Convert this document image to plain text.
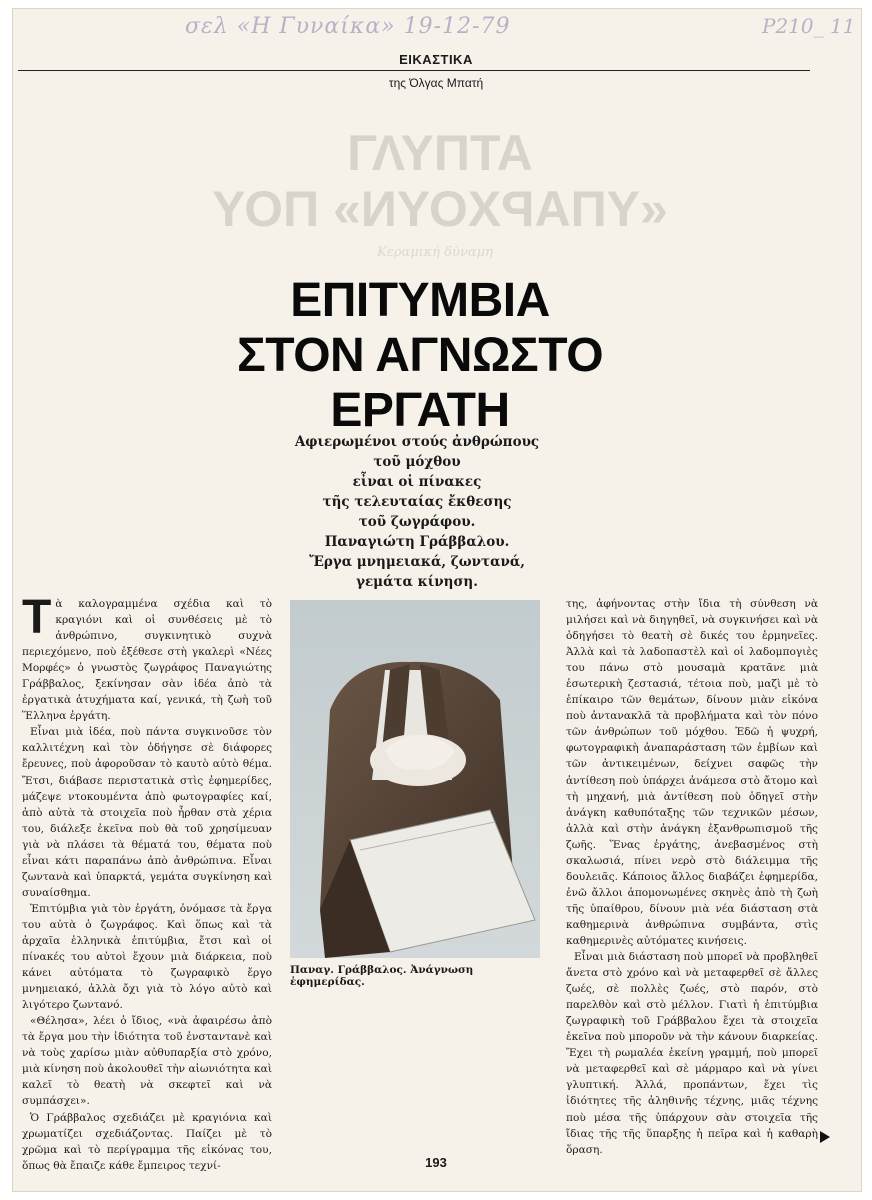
σελ «Η Γυναίκα» 19-12-79	P210_ 11
ΕΙΚΑΣΤΙΚΑ
της Όλγας Μπατή
ΓΛΥΠΤΑ
«ΥΠΑΡΧΟΥΝ» ΠΟΥ
Κεραμική δύναμη
ΕΠΙΤΥΜΒΙΑ
ΣΤΟΝ ΑΓΝΩΣΤΟ
ΕΡΓΑΤΗ
Αφιερωμένοι στούς ἀνθρώπους
τοῦ μόχθου
εἶναι οἱ πίνακες
τῆς τελευταίας ἔκθεσης
τοῦ ζωγράφου.
Παναγιώτη Γράββαλου.
Ἔργα μνημειακά, ζωντανά,
γεμάτα κίνηση.

Τὰ καλογραμμένα σχέδια καὶ τὸ κραγιόνι καὶ οἱ συνθέσεις μὲ τὸ ἀνθρώπινο, συγκινητικὸ συχνὰ περιεχόμενο, ποὺ ἐξέθεσε στὴ γκαλερὶ «Νέες Μορφές» ὁ γνωστὸς ζωγράφος Παναγιώτης Γράββαλος, ξεκίνησαν σὰν ἰδέα ἀπὸ τὰ ἐργατικὰ ἀτυχήματα καί, γενικά, τὴ ζωὴ τοῦ Ἕλληνα ἐργάτη.

Εἶναι μιὰ ἰδέα, ποὺ πάντα συγκινοῦσε τὸν καλλιτέχνη καὶ τὸν ὁδήγησε σὲ διάφορες ἔρευνες, ποὺ ἀφοροῦσαν τὸ καυτὸ αὐτὸ θέμα. Ἔτσι, διάβασε περιστατικὰ στὶς ἐφημερίδες, μάζεψε ντοκουμέντα ἀπὸ φωτογραφίες καί, ἀπὸ αὐτὰ τὰ στοιχεῖα ποὺ ἦρθαν στὰ χέρια του, διάλεξε ἐκεῖνα ποὺ θὰ τοῦ χρησίμευαν γιὰ νὰ πλάσει τὰ θέματά του, θέματα ποὺ εἶναι κάτι παραπάνω ἀπὸ ἀνθρώπινα. Εἶναι ζωντανὰ καὶ ὑπαρκτά, γεμάτα συγκίνηση καὶ συναίσθημα.

Ἐπιτύμβια γιὰ τὸν ἐργάτη, ὀνόμασε τὰ ἔργα του αὐτὰ ὁ ζωγράφος. Καὶ ὅπως καὶ τὰ ἀρχαῖα ἑλληνικὰ ἐπιτύμβια, ἔτσι καὶ οἱ πίνακές του αὐτοὶ ἔχουν μιὰ διάρκεια, ποὺ κάνει αὐτόματα τὸ ζωγραφικὸ ἔργο μνημειακό, ἀλλὰ ὄχι γιὰ τὸ λόγο αὐτὸ καὶ λιγότερο ζωντανό.

«Θέλησα», λέει ὁ ἴδιος, «νὰ ἀφαιρέσω ἀπὸ τὰ ἔργα μου τὴν ἰδιότητα τοῦ ἐνσταντανὲ καὶ νὰ τοὺς χαρίσω μιὰν αὐθυπαρξία στὸ χρόνο, μιὰ κίνηση ποὺ ἀκολουθεῖ τὴν αἰωνιότητα καὶ καλεῖ τὸ θεατὴ νὰ σκεφτεῖ καὶ νὰ συμπάσχει».

Ὁ Γράββαλος σχεδιάζει μὲ κραγιόνια καὶ χρωματίζει σχεδιάζοντας. Παίζει μὲ τὸ χρῶμα καὶ τὸ περίγραμμα τῆς εἰκόνας του, ὅπως θὰ ἔπαιζε κάθε ἔμπειρος τεχνί-

Παναγ. Γράββαλος. Ἀνάγνωση ἐφημερίδας.

της, ἀφήνοντας στὴν ἴδια τὴ σύνθεση νὰ μιλήσει καὶ νὰ διηγηθεῖ, νὰ συγκινήσει καὶ νὰ ὁδηγήσει τὸ θεατὴ σὲ δικές του ἑρμηνεῖες. Ἀλλὰ καὶ τὰ λαδοπαστὲλ καὶ οἱ λαδομπογιὲς του πάνω στὸ μουσαμὰ κρατᾶνε μιὰ ἐσωτερικὴ ζεστασιά, τέτοια ποὺ, μαζὶ μὲ τὸ ἐπίκαιρο τῶν θεμάτων, δίνουν μιὰν εἰκόνα ποὺ ἀντανακλᾶ τὰ προβλήματα καὶ τὸν πόνο τῶν ἀνθρώπων τοῦ μόχθου. Ἐδῶ ἡ ψυχρή, φωτογραφικὴ ἀναπαράσταση τῶν ἐμβίων καὶ τῶν ἀντικειμένων, δείχνει σαφῶς τὴν ἀντίθεση ποὺ ὑπάρχει ἀνάμεσα στὸ ἄτομο καὶ τὴ μηχανή, μιὰ ἀντίθεση ποὺ ὁδηγεῖ στὴν ἀνάγκη καθυπόταξης τῶν τεχνικῶν μέσων, ἀλλὰ καὶ στὴν ἀνάγκη ἐξανθρωπισμοῦ τῆς ζωῆς. Ἕνας ἐργάτης, ἀνεβασμένος στὴ σκαλωσιά, πίνει νερὸ στὸ διάλειμμα τῆς δουλειᾶς. Κάποιος ἄλλος διαβάζει ἐφημερίδα, ἐνῶ ἄλλοι ἀπομονωμένες σκηνὲς ἀπὸ τὴ ζωὴ τῆς ὑπαίθρου, δίνουν μιὰ νέα διάσταση στὰ καθημερινὰ ἀνθρώπινα συμβάντα, στὶς καθημερινὲς αὐτόματες κινήσεις.

Εἶναι μιὰ διάσταση ποὺ μπορεῖ νὰ προβληθεῖ ἄνετα στὸ χρόνο καὶ νὰ μεταφερθεῖ σὲ ἄλλες ζωές, σὲ πολλὲς ζωές, στὸ παρόν, στὸ παρελθὸν καὶ στὸ μέλλον. Γιατὶ ἡ ἐπιτύμβια ζωγραφικὴ τοῦ Γράββαλου ἔχει τὰ στοιχεῖα ἐκεῖνα ποὺ μποροῦν νὰ τὴν κάνουν διαρκείας. Ἔχει τὴ ρωμαλέα ἐκείνη γραμμή, ποὺ μπορεῖ νὰ μεταφερθεῖ καὶ σὲ μάρμαρο καὶ νὰ γίνει γλυπτική. Ἀλλά, προπάντων, ἔχει τὶς ἰδιότητες τῆς ἀληθινῆς τέχνης, μιᾶς τέχνης ποὺ μέσα τῆς ὑπάρχουν σὰν στοιχεῖα τῆς ἴδιας τῆς τῆς ὕπαρξης ἡ πεῖρα καὶ ἡ καθαρὴ ὅραση.

193
